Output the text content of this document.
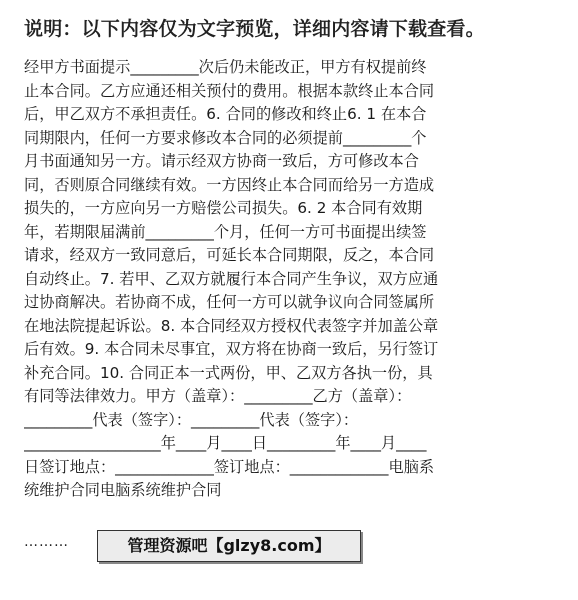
说明：以下内容仅为文字预览，详细内容请下载查看。
经甲方书面提示_________次后仍未能改正，甲方有权提前终
止本合同。乙方应通还相关预付的费用。根据本款终止本合同
后，甲乙双方不承担责任。6. 合同的修改和终止6. 1 在本合
同期限内，任何一方要求修改本合同的必须提前_________个
月书面通知另一方。请示经双方协商一致后，方可修改本合
同，否则原合同继续有效。一方因终止本合同而给另一方造成
损失的，一方应向另一方赔偿公司损失。6. 2 本合同有效期
年，若期限届满前_________个月，任何一方可书面提出续签
请求，经双方一致同意后，可延长本合同期限，反之，本合同
自动终止。7. 若甲、乙双方就履行本合同产生争议，双方应通
过协商解决。若协商不成，任何一方可以就争议向合同签属所
在地法院提起诉讼。8. 本合同经双方授权代表签字并加盖公章
后有效。9. 本合同未尽事宜，双方将在协商一致后，另行签订
补充合同。10. 合同正本一式两份，甲、乙双方各执一份，具
有同等法律效力。甲方（盖章）：_________乙方（盖章）：
_________代表（签字）：_________代表（签字）：
__________________年____月____日_________年____月____
日签订地点：_____________签订地点：_____________电脑系
统维护合同电脑系统维护合同
………	管理资源吧【glzy8.com】
